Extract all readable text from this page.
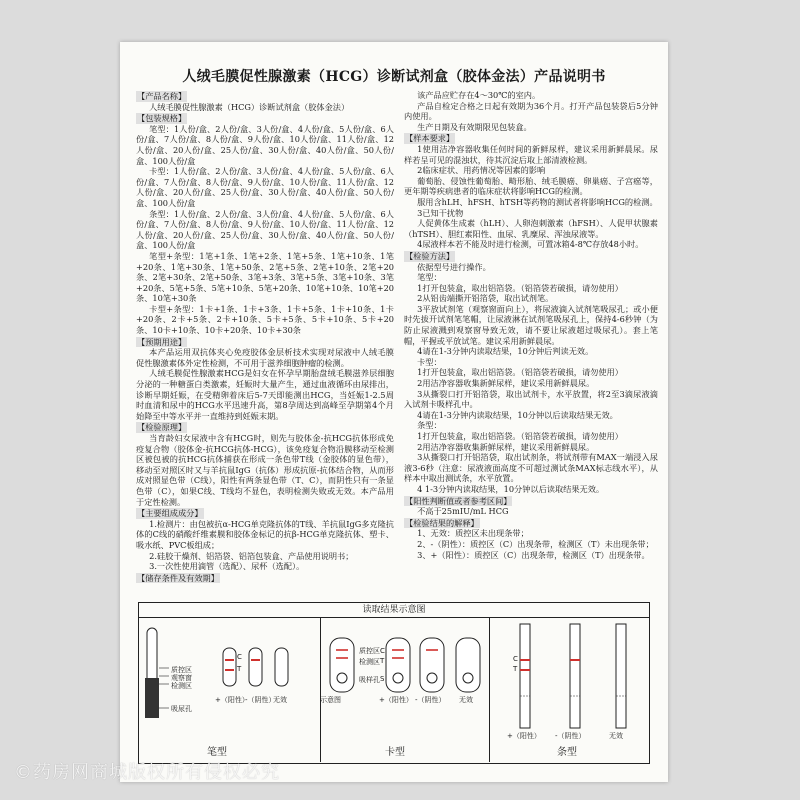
人绒毛膜促性腺激素（HCG）诊断试剂盒（胶体金法）产品说明书

【产品名称】

人绒毛膜促性腺激素（HCG）诊断试剂盒（胶体金法）

【包装规格】

笔型：1人份/盒、2人份/盒、3人份/盒、4人份/盒、5人份/盒、6人份/盒、7人份/盒、8人份/盒、9人份/盒、10人份/盒、11人份/盒、12人份/盒、20人份/盒、25人份/盒、30人份/盒、40人份/盒、50人份/盒、100人份/盒

卡型：1人份/盒、2人份/盒、3人份/盒、4人份/盒、5人份/盒、6人份/盒、7人份/盒、8人份/盒、9人份/盒、10人份/盒、11人份/盒、12人份/盒、20人份/盒、25人份/盒、30人份/盒、40人份/盒、50人份/盒、100人份/盒

条型：1人份/盒、2人份/盒、3人份/盒、4人份/盒、5人份/盒、6人份/盒、7人份/盒、8人份/盒、9人份/盒、10人份/盒、11人份/盒、12人份/盒、20人份/盒、25人份/盒、30人份/盒、40人份/盒、50人份/盒、100人份/盒

笔型+条型：1笔+1条、1笔+2条、1笔+5条、1笔+10条、1笔+20条、1笔+30条、1笔+50条、2笔+5条、2笔+10条、2笔+20条、2笔+30条、2笔+50条、3笔+3条、3笔+5条、3笔+10条、3笔+20条、5笔+5条、5笔+10条、5笔+20条、10笔+10条、10笔+20条、10笔+30条

卡型+条型：1卡+1条、1卡+3条、1卡+5条、1卡+10条、1卡+20条、2卡+5条、2卡+10条、5卡+5条、5卡+10条、5卡+20条、10卡+10条、10卡+20条、10卡+30条

【预期用途】

本产品运用双抗体夹心免疫胶体金层析技术实现对尿液中人绒毛膜促性腺激素体外定性检测，不可用于滋养细胞肿瘤的检测。

人绒毛膜促性腺激素HCG是妇女在怀孕早期胎盘绒毛膜滋养层细胞分泌的一种糖蛋白类激素，妊娠时大量产生，通过血液循环由尿排出，诊断早期妊娠，在受精卵着床后5-7天即能测出HCG，当妊娠1-2.5周时血清和尿中的HCG水平迅速升高，第8孕周达到高峰至孕期第4个月始降至中等水平并一直维持到妊娠末期。

【检验原理】

当育龄妇女尿液中含有HCG时，则先与胶体金-抗HCG抗体形成免疫复合物（胶体金-抗HCG抗体-HCG），该免疫复合物沿膜移动至检测区被包被的抗HCG抗体捕获在形成一条色带T线（金胶体的显色带），移动至对照区时又与羊抗鼠IgG（抗体）形成抗原-抗体结合物，从而形成对照显色带（C线），阳性有两条显色带（T、C），而阴性只有一条显色带（C），如果C线、T线均不显色，表明检测失败或无效。本产品用于定性检测。

【主要组成成分】

1.检测片：由包被抗α-HCG单克隆抗体的T线、羊抗鼠IgG多克隆抗体的C线的硝酸纤维素膜和胶体金标记的抗β-HCG单克隆抗体、塑卡、吸水纸、PVC板组成；

2.硅胶干燥剂、铝箔袋、铝箔包装盒、产品使用说明书；

3.一次性使用滴管（选配）、尿杯（选配）。

【储存条件及有效期】

该产品应贮存在4～30℃的室内。

产品自检定合格之日起有效期为36个月。打开产品包装袋后5分钟内使用。

生产日期及有效期限见包装盒。

【样本要求】

1使用洁净容器收集任何时间的新鲜尿样，建议采用新鲜晨尿。尿样若呈可见的混浊状，待其沉淀后取上部清液检测。

2临床症状、用药情况等因素的影响

葡萄胎、侵蚀性葡萄胎、畸形胎、绒毛膜癌、卵巢癌、子宫癌等，更年期等疾病患者的临床症状将影响HCG的检测。

服用含hLH、hFSH、hTSH等药物的测试者将影响HCG的检测。

3已知干扰物

人促黄体生成素（hLH）、人卵泡刺激素（hFSH）、人促甲状腺素（hTSH）、胆红素阳性、血尿、乳糜尿、浑浊尿液等。

4尿液样本若不能及时进行检测，可置冰箱4-8℃存放48小时。

【检验方法】

依据型号进行操作。

笔型：

1打开包装盒，取出铝箔袋。（铝箔袋若破损，请勿使用）

2从铝齿端撕开铝箔袋，取出试剂笔。

3平放试剂笔（观察窗面向上），将尿液滴入试剂笔吸尿孔；或小便时先拔开试剂笔笔帽，让尿液淋在试剂笔吸尿孔上，保持4-6秒钟（为防止尿液溅到观察窗导致无效，请不要让尿液超过吸尿孔）。套上笔帽，平握或平放试笔。建议采用新鲜晨尿。

4请在1-3分钟内读取结果，10分钟后判读无效。

卡型：

1打开包装盒，取出铝箔袋。（铝箔袋若破损，请勿使用）

2用洁净容器收集新鲜尿样，建议采用新鲜晨尿。

3从撕裂口打开铝箔袋，取出试剂卡，水平放置，将2至3滴尿液滴入试剂卡吸样孔中。

4请在1-3分钟内读取结果，10分钟以后读取结果无效。

条型：

1打开包装盒，取出铝箔袋。（铝箔袋若破损，请勿使用）

2用洁净容器收集新鲜尿样，建议采用新鲜晨尿。

3从撕裂口打开铝箔袋，取出试剂条，将试剂带有MAX一端浸入尿液3-6秒（注意：尿液液面高度不可超过测试条MAX标志线水平），从样本中取出测试条，水平放置。

4 1-3分钟内读取结果，10分钟以后读取结果无效。

【阳性判断值或者参考区间】

不高于25mIU/mL HCG

【检验结果的解释】

1、无效：质控区未出现条带；

2、-（阴性）：质控区（C）出现条带，检测区（T）未出现条带；

3、+（阳性）：质控区（C）出现条带，检测区（T）出现条带。

读取结果示意图
质控区
观察窗
检测区
吸尿孔
C
T
+（阳性）
-（阴性）
无效
笔型
质控区
检测区
吸样孔
示意图	+（阳性） -（阴性） 无效
C
T
S
卡型
C
T
+（阳性） -（阴性）	无效
条型
©药房网商城版权所有侵权必究
